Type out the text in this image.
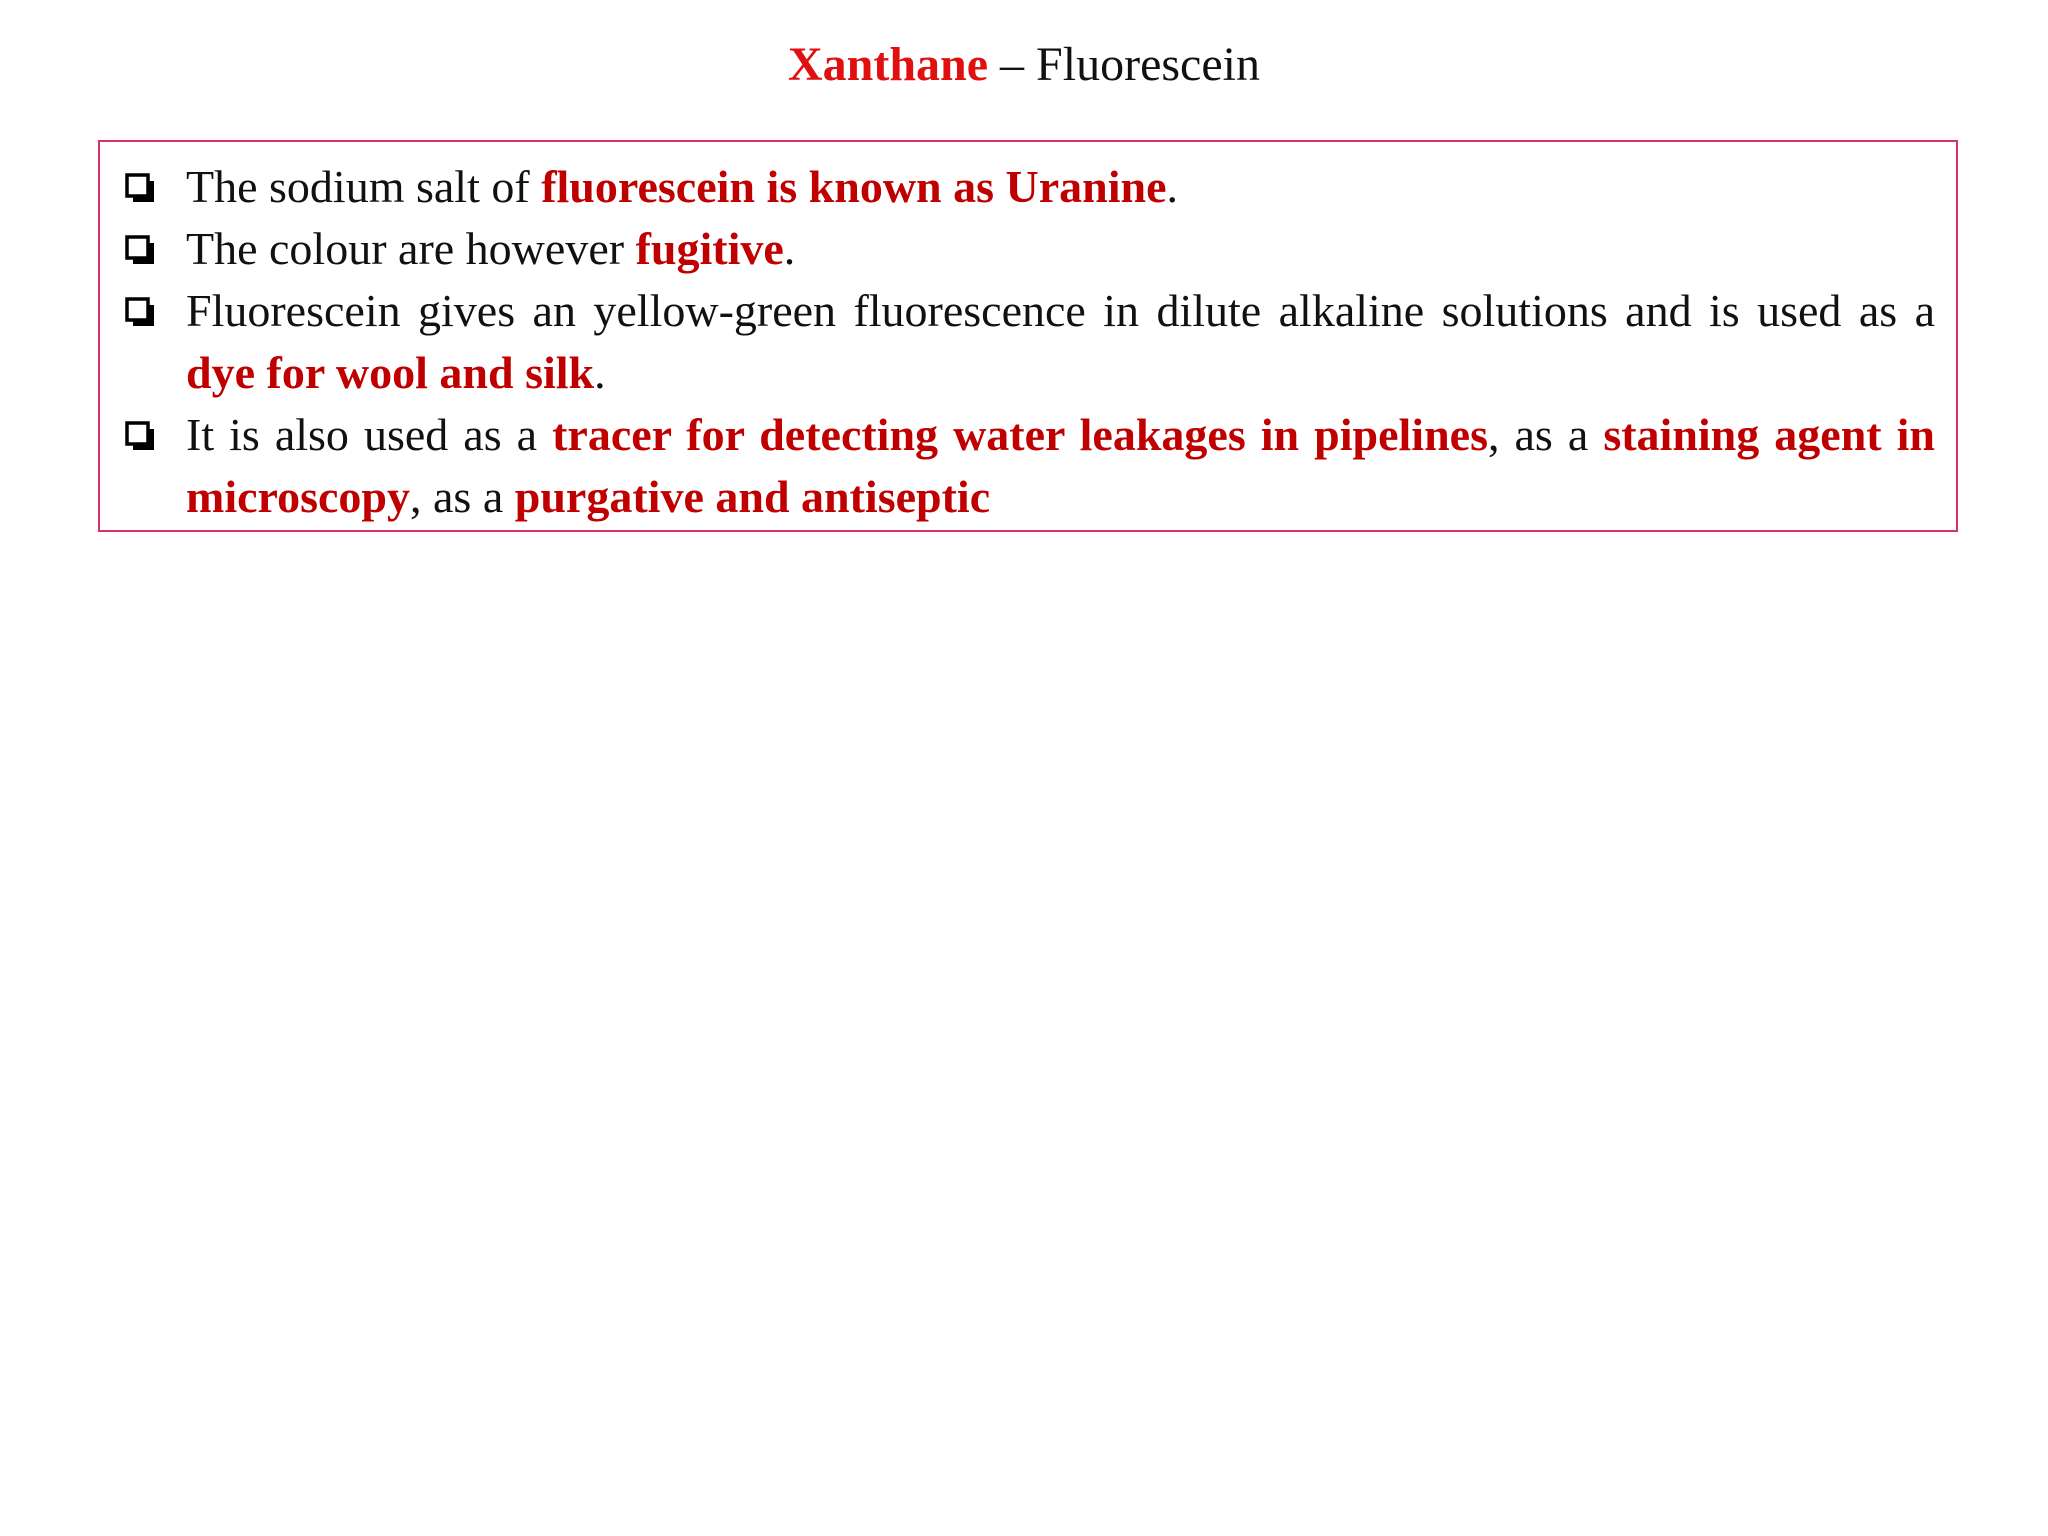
Xanthane – Fluorescein
The sodium salt of fluorescein is known as Uranine.
The colour are however fugitive.
Fluorescein gives an yellow-green fluorescence in dilute alkaline solutions and is used as a dye for wool and silk.
It is also used as a tracer for detecting water leakages in pipelines, as a staining agent in microscopy, as a purgative and antiseptic
